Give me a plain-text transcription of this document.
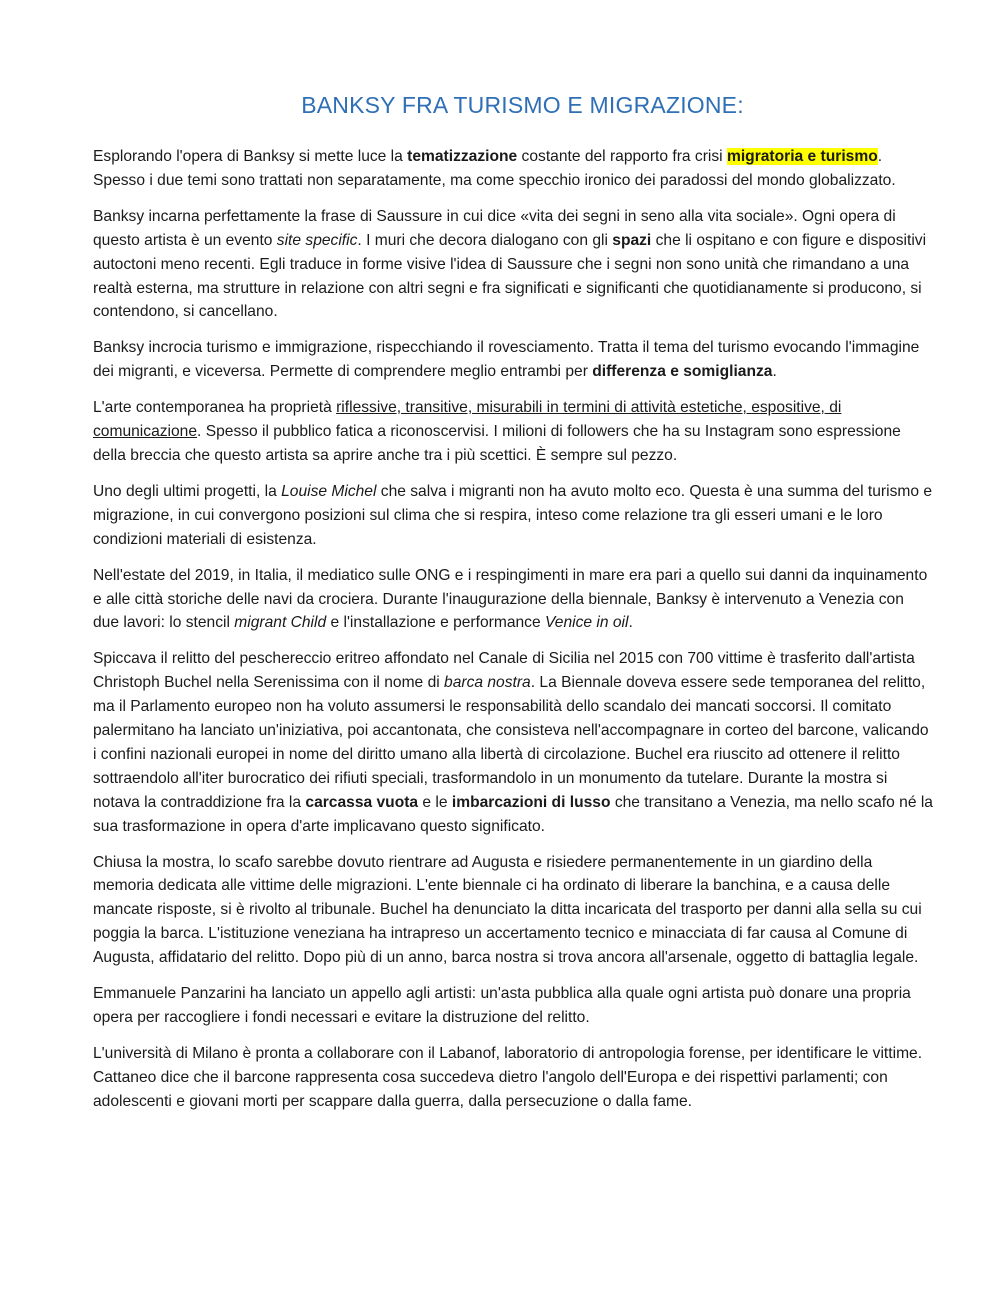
BANKSY FRA TURISMO E MIGRAZIONE:

Esplorando l'opera di Banksy si mette luce la tematizzazione costante del rapporto fra crisi migratoria e turismo. Spesso i due temi sono trattati non separatamente, ma come specchio ironico dei paradossi del mondo globalizzato.

Banksy incarna perfettamente la frase di Saussure in cui dice «vita dei segni in seno alla vita sociale». Ogni opera di questo artista è un evento site specific. I muri che decora dialogano con gli spazi che li ospitano e con figure e dispositivi autoctoni meno recenti. Egli traduce in forme visive l'idea di Saussure che i segni non sono unità che rimandano a una realtà esterna, ma strutture in relazione con altri segni e fra significati e significanti che quotidianamente si producono, si contendono, si cancellano.

Banksy incrocia turismo e immigrazione, rispecchiando il rovesciamento. Tratta il tema del turismo evocando l'immagine dei migranti, e viceversa. Permette di comprendere meglio entrambi per differenza e somiglianza.

L'arte contemporanea ha proprietà riflessive, transitive, misurabili in termini di attività estetiche, espositive, di comunicazione. Spesso il pubblico fatica a riconoscervisi. I milioni di followers che ha su Instagram sono espressione della breccia che questo artista sa aprire anche tra i più scettici. È sempre sul pezzo.

Uno degli ultimi progetti, la Louise Michel che salva i migranti non ha avuto molto eco. Questa è una summa del turismo e migrazione, in cui convergono posizioni sul clima che si respira, inteso come relazione tra gli esseri umani e le loro condizioni materiali di esistenza.

Nell'estate del 2019, in Italia, il mediatico sulle ONG e i respingimenti in mare era pari a quello sui danni da inquinamento e alle città storiche delle navi da crociera. Durante l'inaugurazione della biennale, Banksy è intervenuto a Venezia con due lavori: lo stencil migrant Child e l'installazione e performance Venice in oil.

Spiccava il relitto del peschereccio eritreo affondato nel Canale di Sicilia nel 2015 con 700 vittime è trasferito dall'artista Christoph Buchel nella Serenissima con il nome di barca nostra. La Biennale doveva essere sede temporanea del relitto, ma il Parlamento europeo non ha voluto assumersi le responsabilità dello scandalo dei mancati soccorsi. Il comitato palermitano ha lanciato un'iniziativa, poi accantonata, che consisteva nell'accompagnare in corteo del barcone, valicando i confini nazionali europei in nome del diritto umano alla libertà di circolazione. Buchel era riuscito ad ottenere il relitto sottraendolo all'iter burocratico dei rifiuti speciali, trasformandolo in un monumento da tutelare. Durante la mostra si notava la contraddizione fra la carcassa vuota e le imbarcazioni di lusso che transitano a Venezia, ma nello scafo né la sua trasformazione in opera d'arte implicavano questo significato.

Chiusa la mostra, lo scafo sarebbe dovuto rientrare ad Augusta e risiedere permanentemente in un giardino della memoria dedicata alle vittime delle migrazioni. L'ente biennale ci ha ordinato di liberare la banchina, e a causa delle mancate risposte, si è rivolto al tribunale. Buchel ha denunciato la ditta incaricata del trasporto per danni alla sella su cui poggia la barca. L'istituzione veneziana ha intrapreso un accertamento tecnico e minacciata di far causa al Comune di Augusta, affidatario del relitto. Dopo più di un anno, barca nostra si trova ancora all'arsenale, oggetto di battaglia legale.

Emmanuele Panzarini ha lanciato un appello agli artisti: un'asta pubblica alla quale ogni artista può donare una propria opera per raccogliere i fondi necessari e evitare la distruzione del relitto.

L'università di Milano è pronta a collaborare con il Labanof, laboratorio di antropologia forense, per identificare le vittime. Cattaneo dice che il barcone rappresenta cosa succedeva dietro l'angolo dell'Europa e dei rispettivi parlamenti; con adolescenti e giovani morti per scappare dalla guerra, dalla persecuzione o dalla fame.
